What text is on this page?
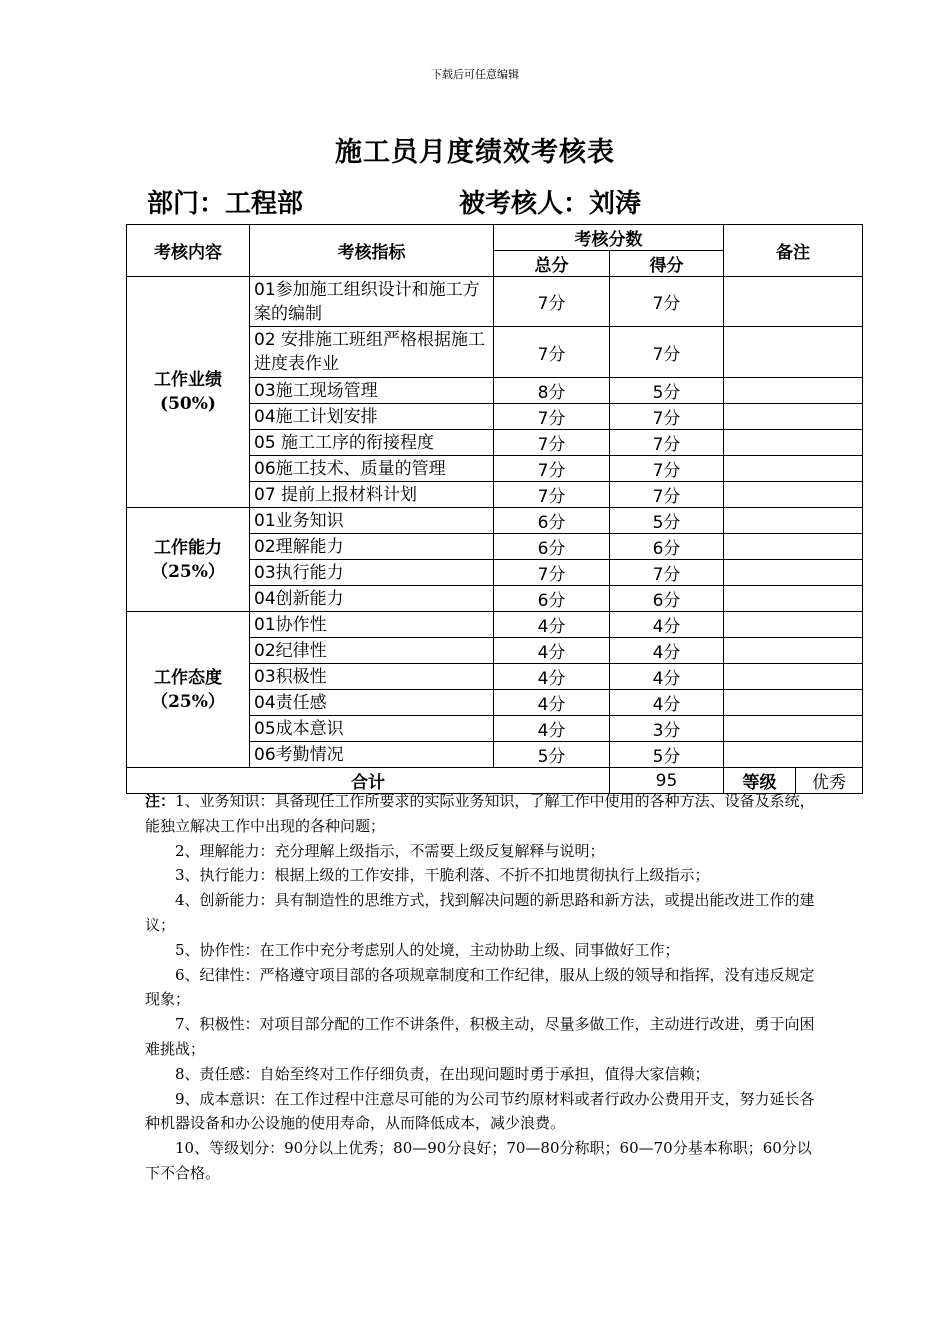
下载后可任意编辑
施工员月度绩效考核表
部门：工程部	被考核人：刘涛
考核内容	考核指标	考核分数		备注	
		总分	得分		

工作业绩
(50%)	01参加施工组织设计和施工方案的编制	7分	7分		
	02 安排施工班组严格根据施工进度表作业	7分	7分		
	03施工现场管理	8分	5分		
	04施工计划安排	7分	7分		
	05 施工工序的衔接程度	7分	7分		
	06施工技术、质量的管理	7分	7分		
	07 提前上报材料计划	7分	7分		

工作能力
（25%）	01业务知识	6分	5分		
	02理解能力	6分	6分		
	03执行能力	7分	7分		
	04创新能力	6分	6分		

工作态度
（25%）	01协作性	4分	4分		
	02纪律性	4分	4分		
	03积极性	4分	4分		
	04责任感	4分	4分		
	05成本意识	4分	3分		
	06考勤情况	5分	5分		
合计			95	等级	优秀

注：1、业务知识：具备现任工作所要求的实际业务知识，了解工作中使用的各种方法、设备及系统，能独立解决工作中出现的各种问题；

2、理解能力：充分理解上级指示，不需要上级反复解释与说明；

3、执行能力：根据上级的工作安排，干脆利落、不折不扣地贯彻执行上级指示；

4、创新能力：具有制造性的思维方式，找到解决问题的新思路和新方法，或提出能改进工作的建议；

5、协作性：在工作中充分考虑别人的处境，主动协助上级、同事做好工作；

6、纪律性：严格遵守项目部的各项规章制度和工作纪律，服从上级的领导和指挥，没有违反规定现象；

7、积极性：对项目部分配的工作不讲条件，积极主动，尽量多做工作，主动进行改进，勇于向困难挑战；

8、责任感：自始至终对工作仔细负责，在出现问题时勇于承担，值得大家信赖；

9、成本意识：在工作过程中注意尽可能的为公司节约原材料或者行政办公费用开支，努力延长各种机器设备和办公设施的使用寿命，从而降低成本，减少浪费。

10、等级划分：90分以上优秀；80—90分良好；70—80分称职；60—70分基本称职；60分以下不合格。
